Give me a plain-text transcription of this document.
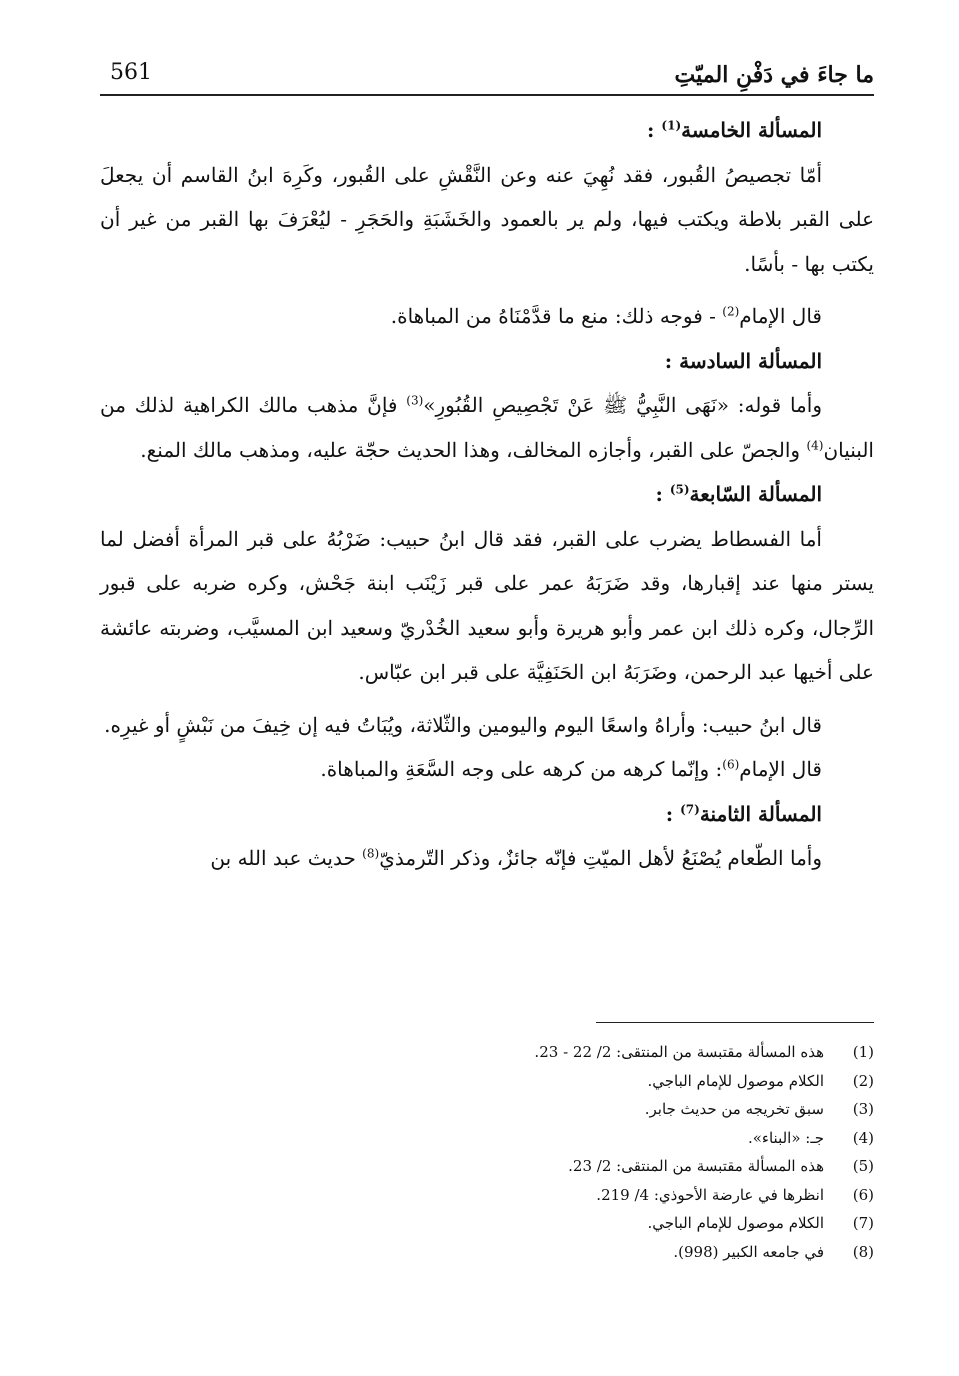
561	ما جاءَ في دَفْنِ الميّتِ

المسألة الخامسة$^{(1)}$ :

أمّا تجصيصُ القُبور، فقد نُهِيَ عنه وعن النَّقْشِ على القُبور، وكَرِهَ ابنُ القاسم أن يجعلَ على القبر بلاطة ويكتب فيها، ولم ير بالعمود والخَشَبَةِ والحَجَرِ - ليُعْرَفَ بها القبر من غير أن يكتب بها - بأسًا.

قال الإمام$^{(2)}$ - فوجه ذلك: منع ما قدَّمْنَاهُ من المباهاة.

المسألة السادسة :

وأما قوله: «نَهَى النَّبِيُّ ﷺ عَنْ تَجْصِيصِ القُبُورِ»$^{(3)}$ فإنَّ مذهب مالك الكراهية لذلك من البنيان$^{(4)}$ والجصّ على القبر، وأجازه المخالف، وهذا الحديث حجّة عليه، ومذهب مالك المنع.

المسألة السّابعة$^{(5)}$ :

أما الفسطاط يضرب على القبر، فقد قال ابنُ حبيب: ضَرْبُهُ على قبر المرأة أفضل لما يستر منها عند إقبارها، وقد ضَرَبَهُ عمر على قبر زَيْنَب ابنة جَحْش، وكره ضربه على قبور الرِّجال، وكره ذلك ابن عمر وأبو هريرة وأبو سعيد الخُدْريّ وسعيد ابن المسيَّب، وضربته عائشة على أخيها عبد الرحمن، وضَرَبَهُ ابن الحَنَفِيَّة على قبر ابن عبّاس.

قال ابنُ حبيب: وأراهُ واسعًا اليوم واليومين والثّلاثة، ويُبَاتُ فيه إن خِيفَ من نَبْشٍ أو غيرِه.

قال الإمام$^{(6)}$: وإنّما كرهه من كرهه على وجه السَّعَةِ والمباهاة.

المسألة الثامنة$^{(7)}$ :

وأما الطّعام يُصْنَعُ لأهل الميّتِ فإنّه جائزٌ، وذكر التّرمذيّ$^{(8)}$ حديث عبد الله بن

(1)
هذه المسألة مقتبسة من المنتقى: 2/ 22 - 23.
(2)
الكلام موصول للإمام الباجي.
(3)
سبق تخريجه من حديث جابر.
(4)
جـ: «البناء».
(5)
هذه المسألة مقتبسة من المنتقى: 2/ 23.
(6)
انظرها في عارضة الأحوذي: 4/ 219.
(7)
الكلام موصول للإمام الباجي.
(8)
في جامعه الكبير (998).
